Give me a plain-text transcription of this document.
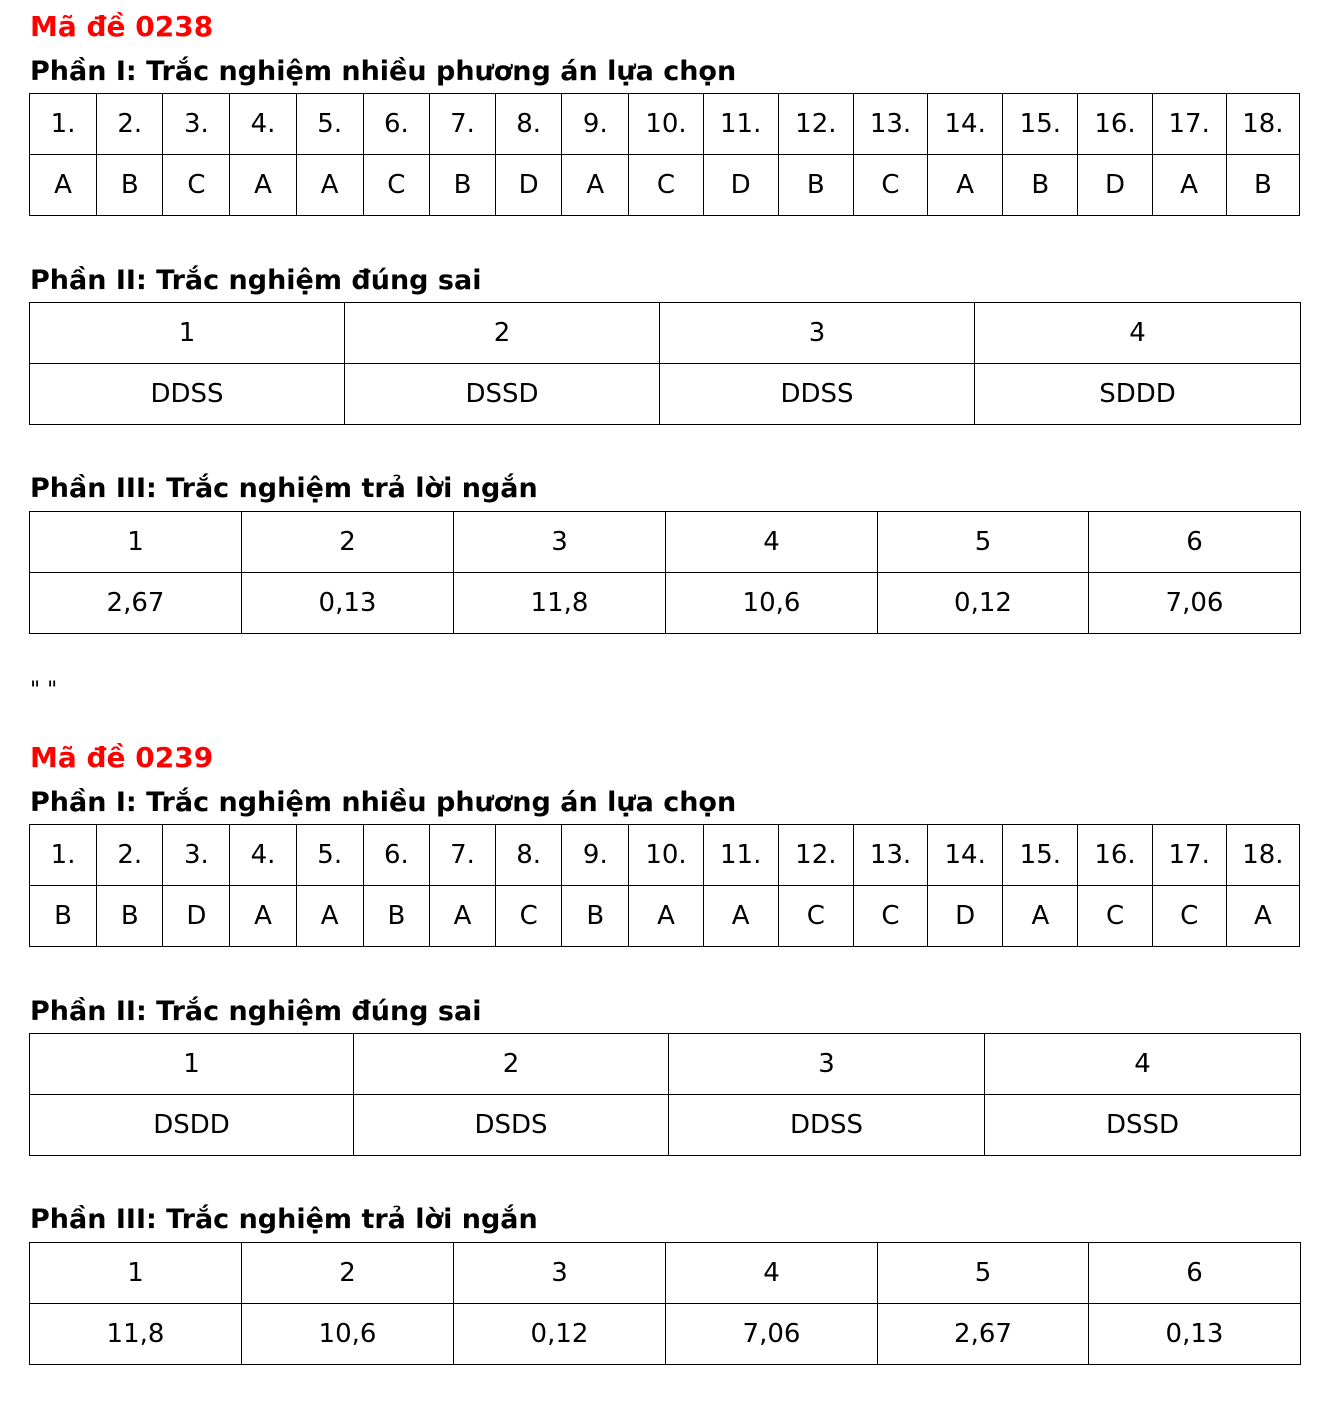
Mã đề 0238
Phần I: Trắc nghiệm nhiều phương án lựa chọn
1.	2.	3.	4.	5.	6.	7.	8.	9.	10.	11.	12.	13.	14.	15.	16.	17.	18.
A	B	C	A	A	C	B	D	A	C	D	B	C	A	B	D	A	B
Phần II: Trắc nghiệm đúng sai
1	2	3	4
DDSS	DSSD	DDSS	SDDD
Phần III: Trắc nghiệm trả lời ngắn
1	2	3	4	5	6
2,67	0,13	11,8	10,6	0,12	7,06
" "
Mã đề 0239
Phần I: Trắc nghiệm nhiều phương án lựa chọn
1.	2.	3.	4.	5.	6.	7.	8.	9.	10.	11.	12.	13.	14.	15.	16.	17.	18.
B	B	D	A	A	B	A	C	B	A	A	C	C	D	A	C	C	A
Phần II: Trắc nghiệm đúng sai
1	2	3	4
DSDD	DSDS	DDSS	DSSD
Phần III: Trắc nghiệm trả lời ngắn
1	2	3	4	5	6
11,8	10,6	0,12	7,06	2,67	0,13
